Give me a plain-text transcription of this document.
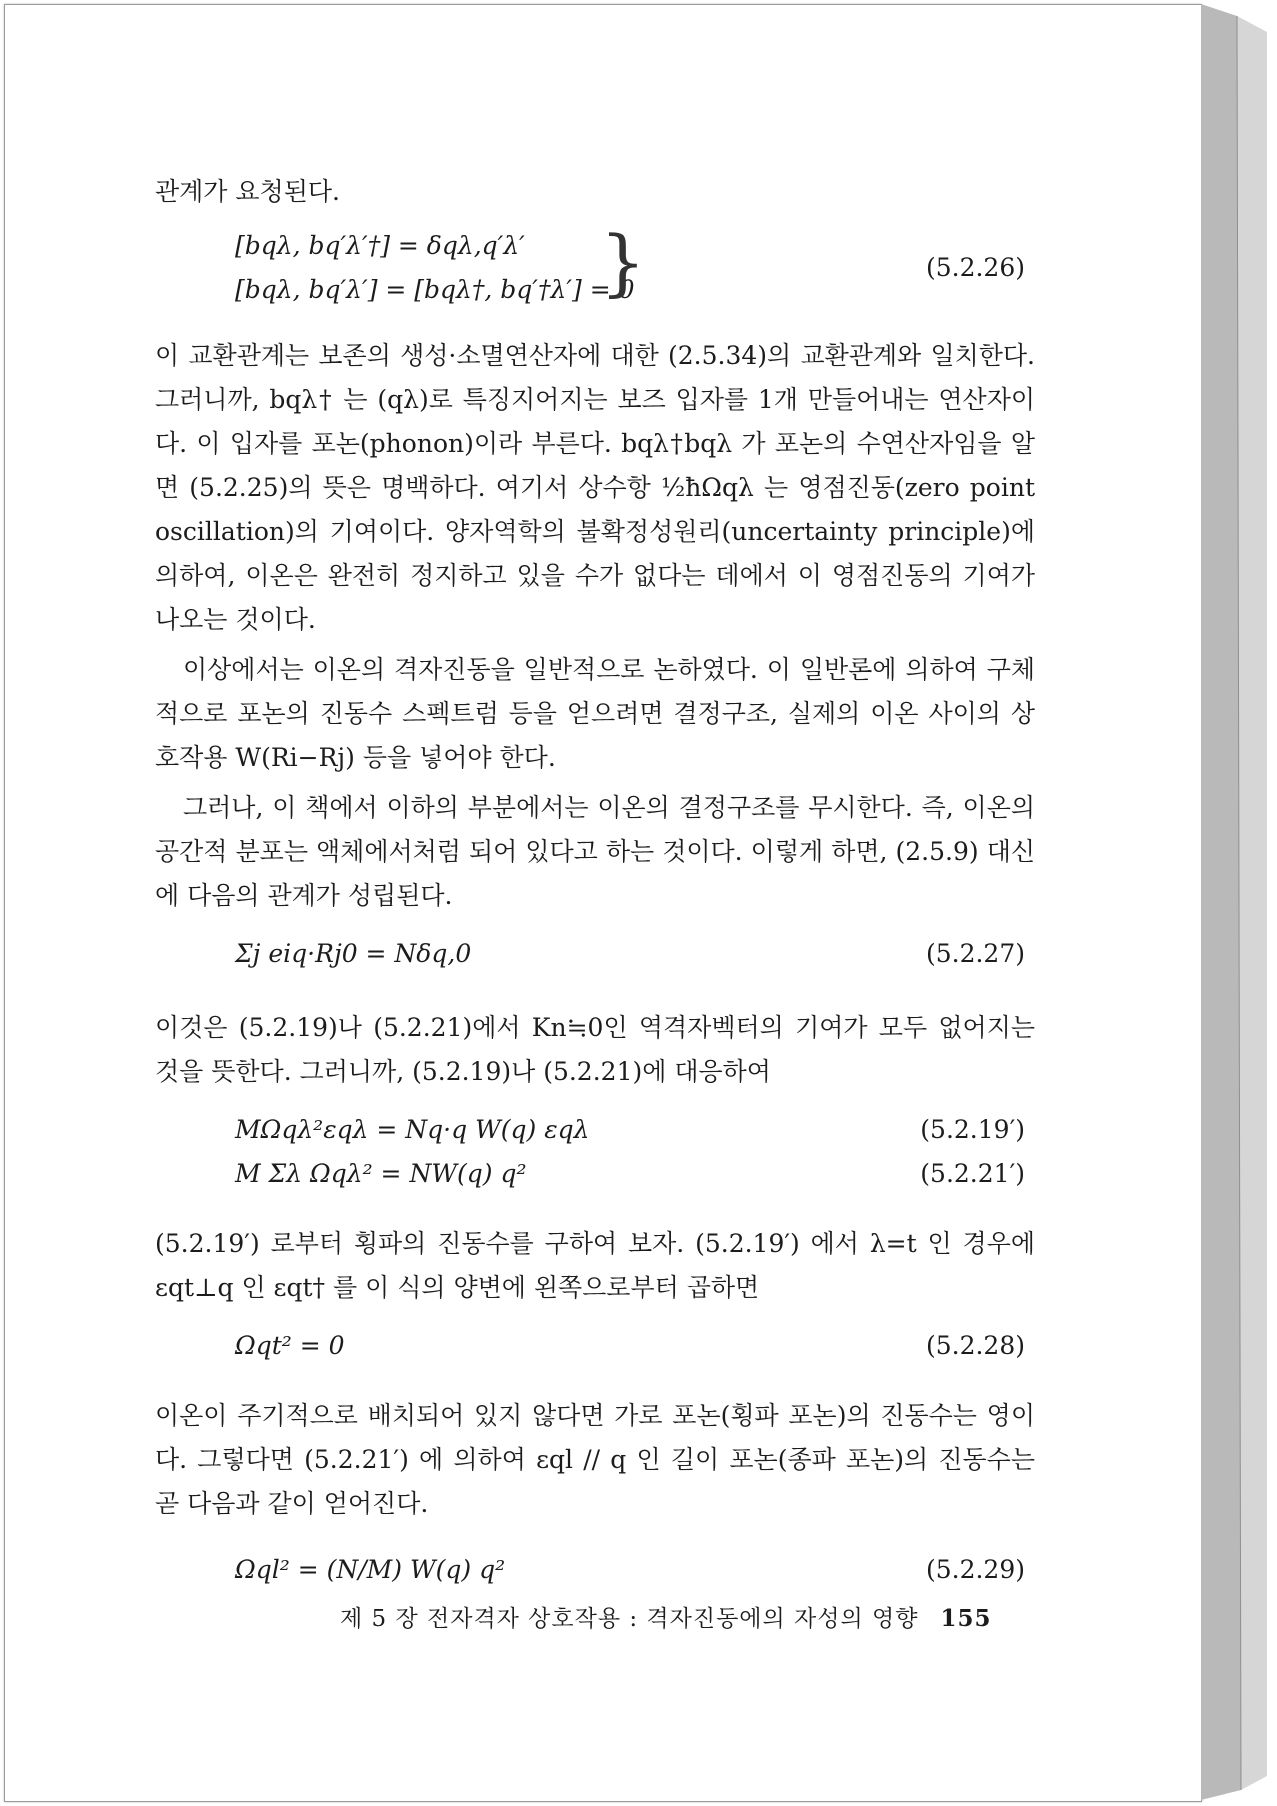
관계가 요청된다.

[bqλ, bq′λ′†] = δqλ,q′λ′
[bqλ, bq′λ′] = [bqλ†, bq′†λ′] = 0
}	(5.2.26)

이 교환관계는 보존의 생성·소멸연산자에 대한 (2.5.34)의 교환관계와 일치한다. 그러니까, bqλ† 는 (qλ)로 특징지어지는 보즈 입자를 1개 만들어내는 연산자이다. 이 입자를 포논(phonon)이라 부른다. bqλ†bqλ 가 포논의 수연산자임을 알면 (5.2.25)의 뜻은 명백하다. 여기서 상수항 ½ħΩqλ 는 영점진동(zero point oscillation)의 기여이다. 양자역학의 불확정성원리(uncertainty principle)에 의하여, 이온은 완전히 정지하고 있을 수가 없다는 데에서 이 영점진동의 기여가 나오는 것이다.

이상에서는 이온의 격자진동을 일반적으로 논하였다. 이 일반론에 의하여 구체적으로 포논의 진동수 스펙트럼 등을 얻으려면 결정구조, 실제의 이온 사이의 상호작용 W(Ri−Rj) 등을 넣어야 한다.

그러나, 이 책에서 이하의 부분에서는 이온의 결정구조를 무시한다. 즉, 이온의 공간적 분포는 액체에서처럼 되어 있다고 하는 것이다. 이렇게 하면, (2.5.9) 대신에 다음의 관계가 성립된다.

Σj eiq·Rj0 = Nδq,0	(5.2.27)

이것은 (5.2.19)나 (5.2.21)에서 Kn≒0인 역격자벡터의 기여가 모두 없어지는 것을 뜻한다. 그러니까, (5.2.19)나 (5.2.21)에 대응하여

MΩqλ²εqλ = Nq·q W(q) εqλ	(5.2.19′)
M Σλ Ωqλ² = NW(q) q²	(5.2.21′)

(5.2.19′) 로부터 횡파의 진동수를 구하여 보자. (5.2.19′) 에서 λ=t 인 경우에 εqt⊥q 인 εqt† 를 이 식의 양변에 왼쪽으로부터 곱하면

Ωqt² = 0	(5.2.28)

이온이 주기적으로 배치되어 있지 않다면 가로 포논(횡파 포논)의 진동수는 영이다. 그렇다면 (5.2.21′) 에 의하여 εql // q 인 길이 포논(종파 포논)의 진동수는 곧 다음과 같이 얻어진다.

Ωql² = (N/M) W(q) q²	(5.2.29)
제 5 장 전자격자 상호작용 : 격자진동에의 자성의 영향 155
